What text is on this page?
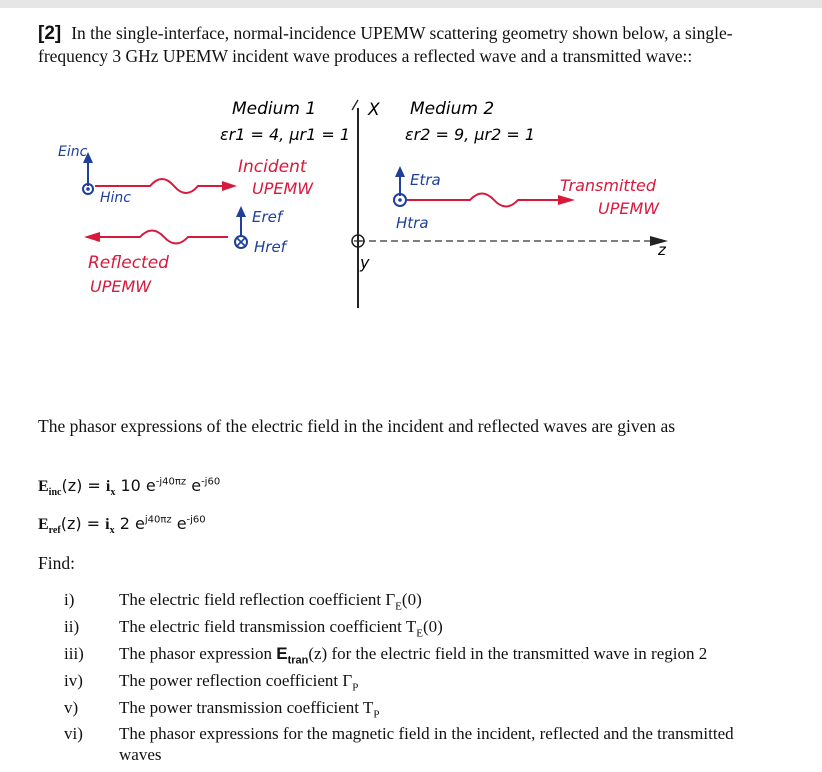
[2] In the single-interface, normal-incidence UPEMW scattering geometry shown below, a single-frequency 3 GHz UPEMW incident wave produces a reflected wave and a transmitted wave::
X
y
z
Medium 1
εr1 = 4, μr1 = 1
Medium 2
εr2 = 9, μr2 = 1
Einc
Hinc
Incident
UPEMW
Eref
Href
Reflected
UPEMW
Etra
Htra
Transmitted
UPEMW
The phasor expressions of the electric field in the incident and reflected waves are given as
$E_{inc}(z) = i_x$ 10 $e^{-j40\pi z}$ $e^{-j60}$
$E_{ref}(z) = i_x$ 2 $e^{j40\pi z}$ $e^{-j60}$
Find:
i)	The electric field reflection coefficient $\Gamma_E(0)$
ii)	The electric field transmission coefficient $T_E(0)$
iii)	The phasor expression $E_{tran}(z)$ for the electric field in the transmitted wave in region 2
iv)	The power reflection coefficient $\Gamma_P$
v)	The power transmission coefficient $T_P$
vi)	The phasor expressions for the magnetic field in the incident, reflected and the transmitted waves
